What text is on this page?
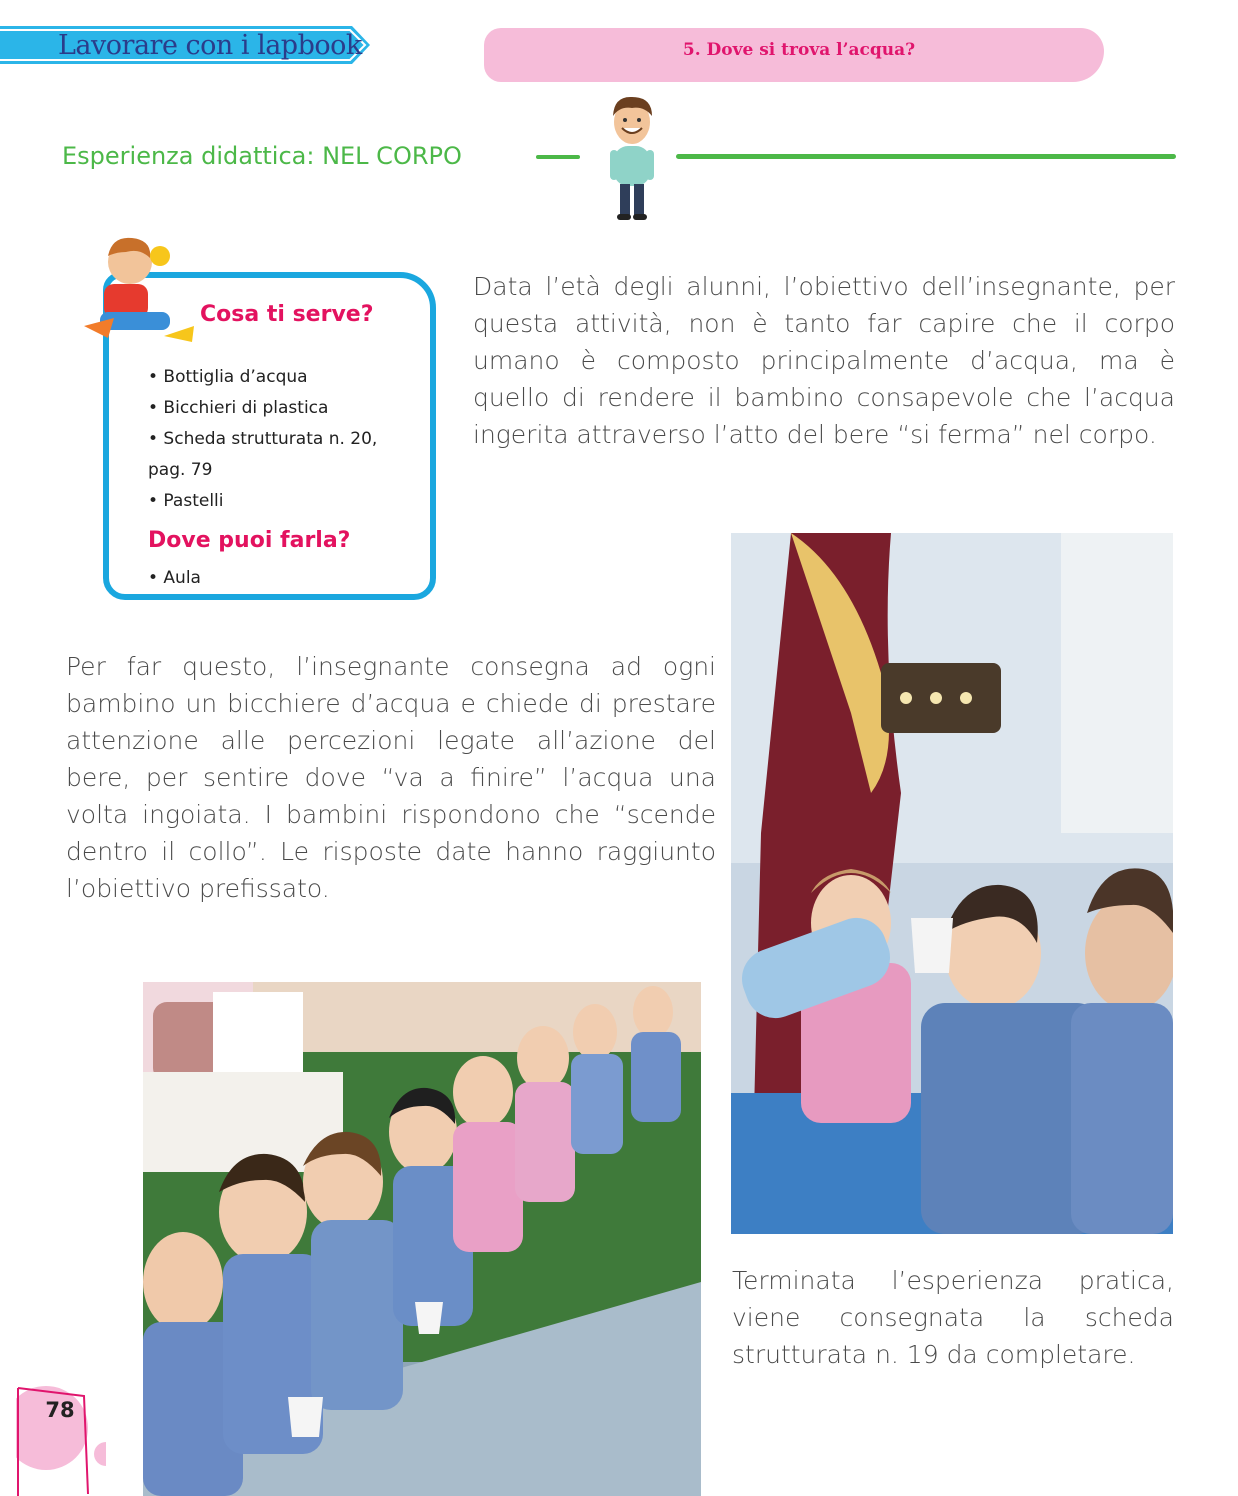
Lavorare con i lapbook	5. Dove si trova l’acqua?
Esperienza didattica: NEL CORPO
Cosa ti serve?
• Bottiglia d’acqua
• Bicchieri di plastica
• Scheda strutturata n. 20,
pag. 79
• Pastelli
Dove puoi farla?
• Aula
Data l’età degli alunni, l’obiettivo dell’insegnante, per questa attività, non è tanto far capire che il corpo umano è composto principalmente d’acqua, ma è quello di rendere il bambino consapevole che l’acqua ingerita attraverso l’atto del bere “si ferma” nel corpo.
Per far questo, l’insegnante consegna ad ogni bambino un bicchiere d’acqua e chiede di prestare attenzione alle percezioni legate all’azione del bere, per sentire dove “va a finire” l’acqua una volta ingoiata. I bambini rispondono che “scende dentro il collo”. Le risposte date hanno raggiunto l’obiettivo prefissato.
Terminata l’esperienza pratica, viene consegnata la scheda strutturata n. 19 da completare.
78
